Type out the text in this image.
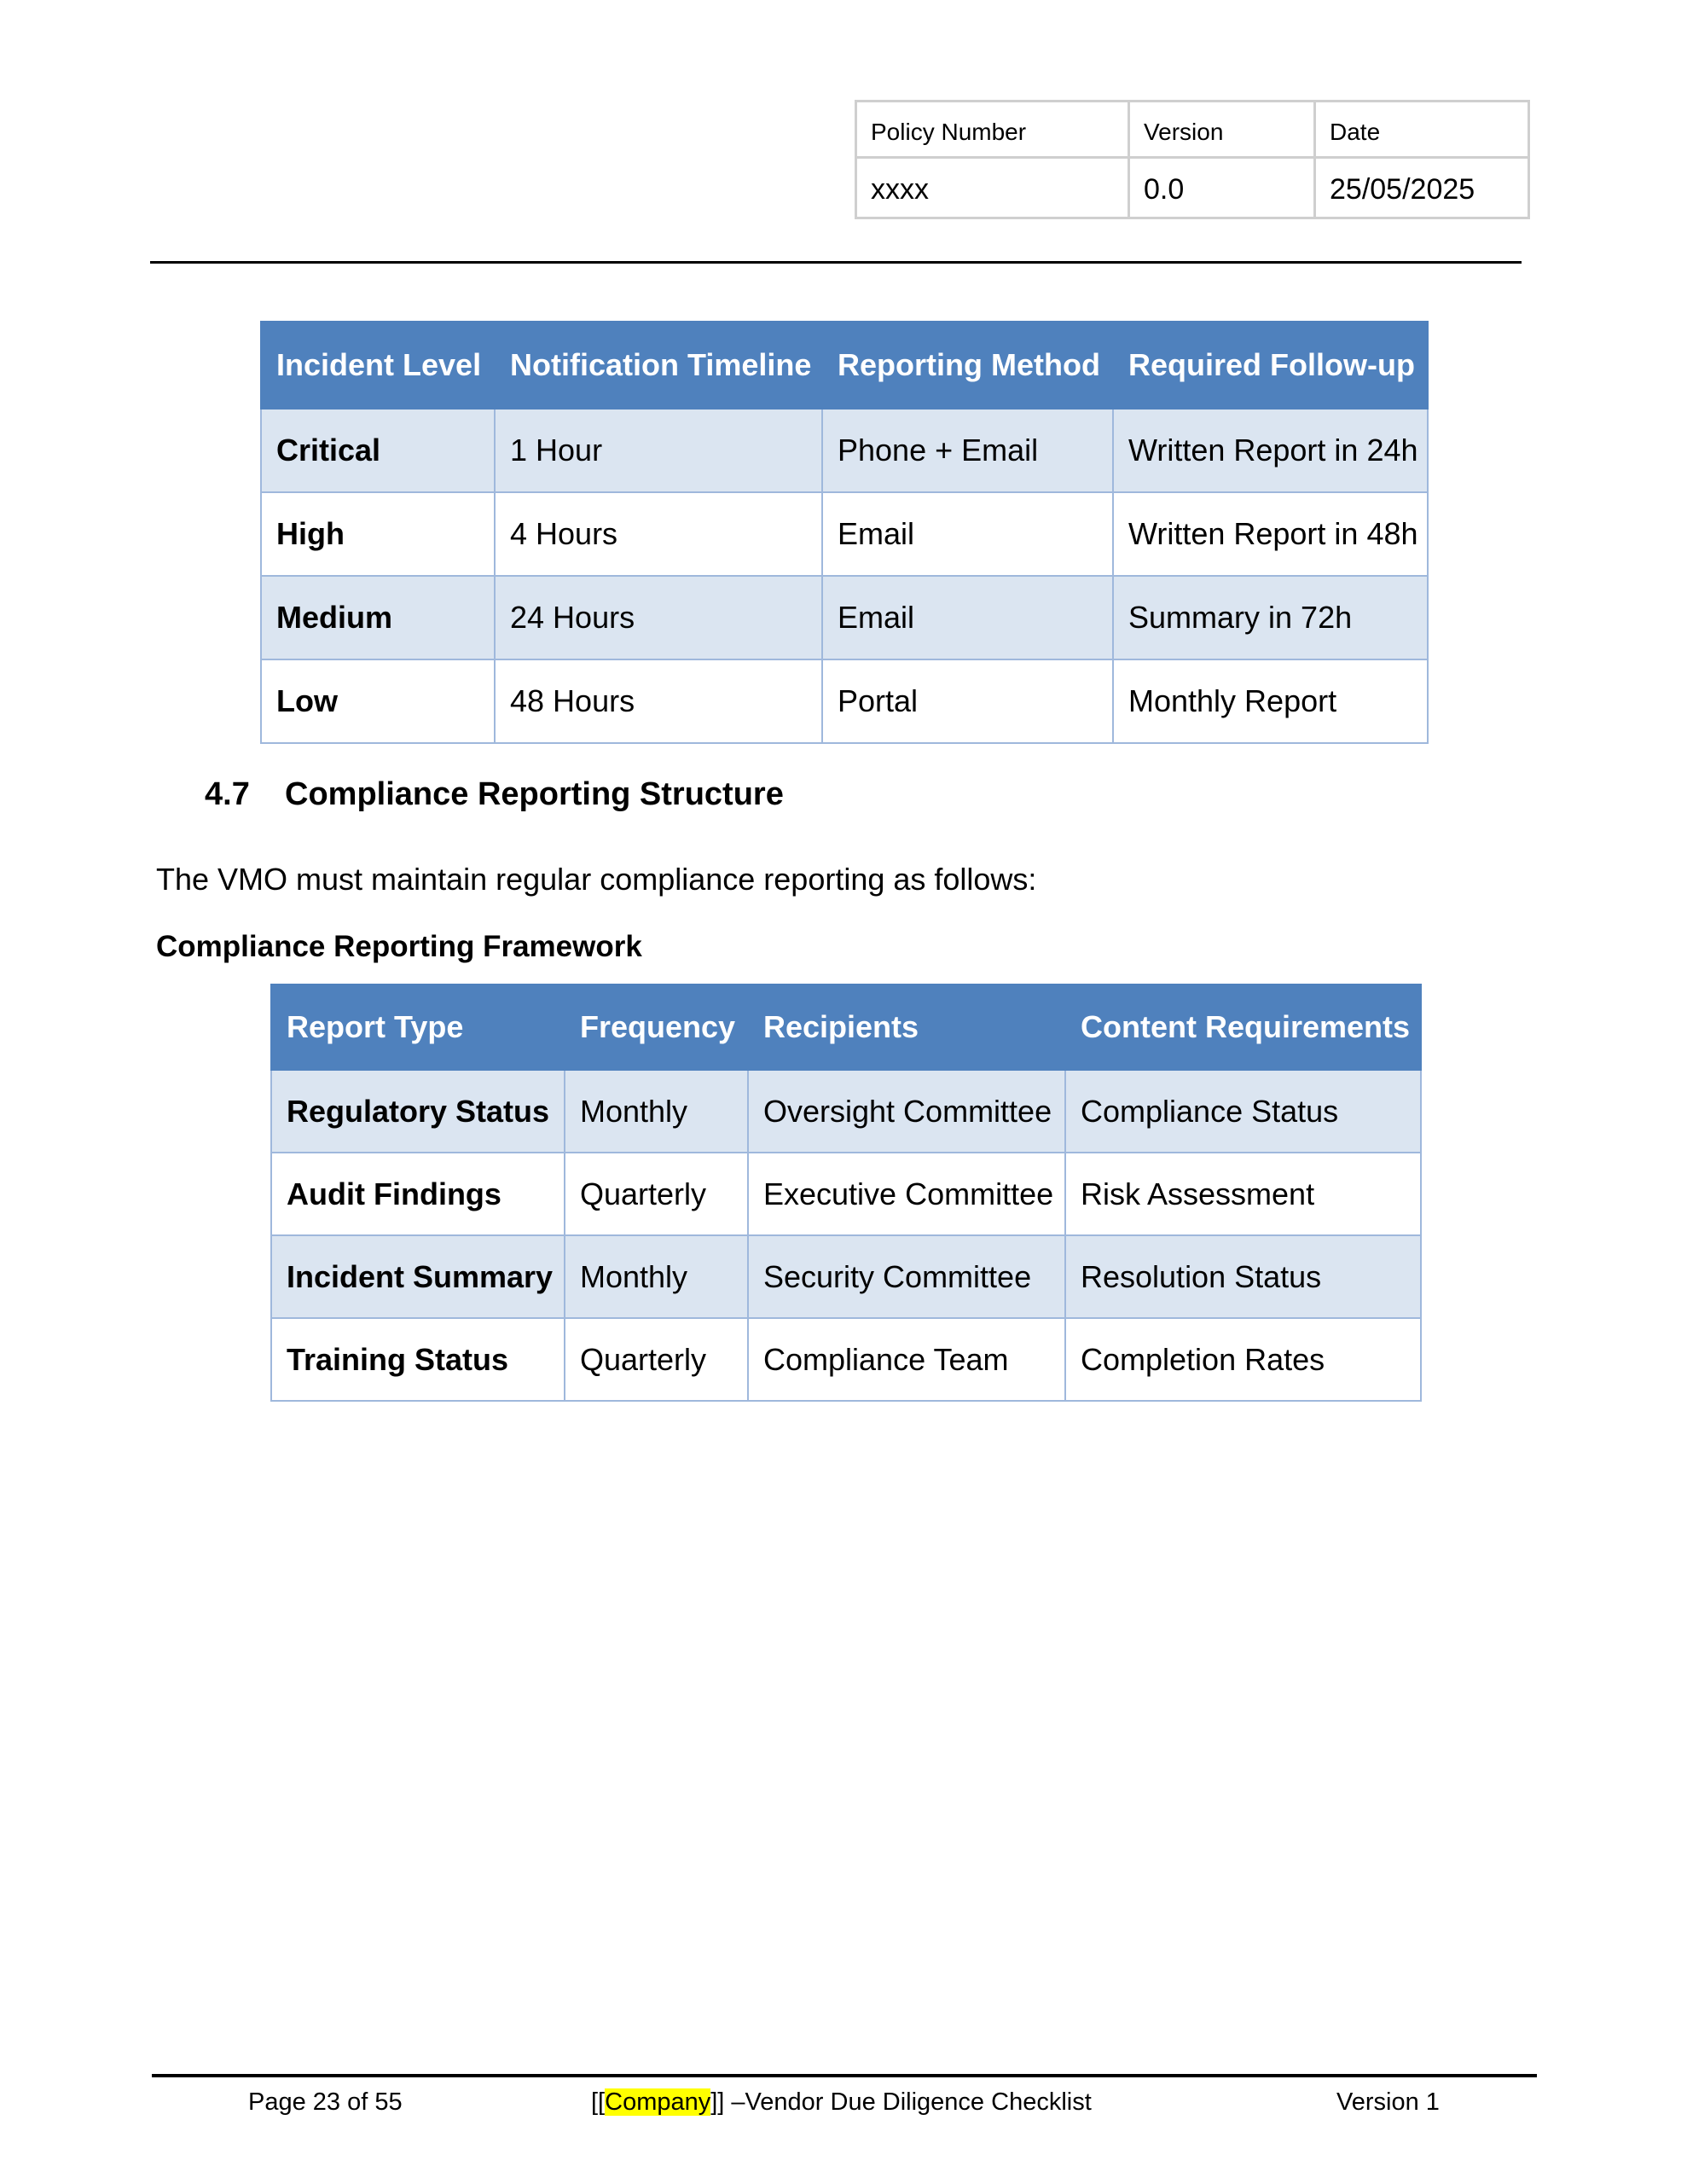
Policy Number	Version	Date
xxxx	0.0	25/05/2025
Incident Level	Notification Timeline	Reporting Method	Required Follow-up
Critical	1 Hour	Phone + Email	Written Report in 24h
High	4 Hours	Email	Written Report in 48h
Medium	24 Hours	Email	Summary in 72h
Low	48 Hours	Portal	Monthly Report
4.7 Compliance Reporting Structure
The VMO must maintain regular compliance reporting as follows:
Compliance Reporting Framework
Report Type	Frequency	Recipients	Content Requirements
Regulatory Status	Monthly	Oversight Committee	Compliance Status
Audit Findings	Quarterly	Executive Committee	Risk Assessment
Incident Summary	Monthly	Security Committee	Resolution Status
Training Status	Quarterly	Compliance Team	Completion Rates
Page 23 of 55	[[Company]] –Vendor Due Diligence Checklist	Version 1
